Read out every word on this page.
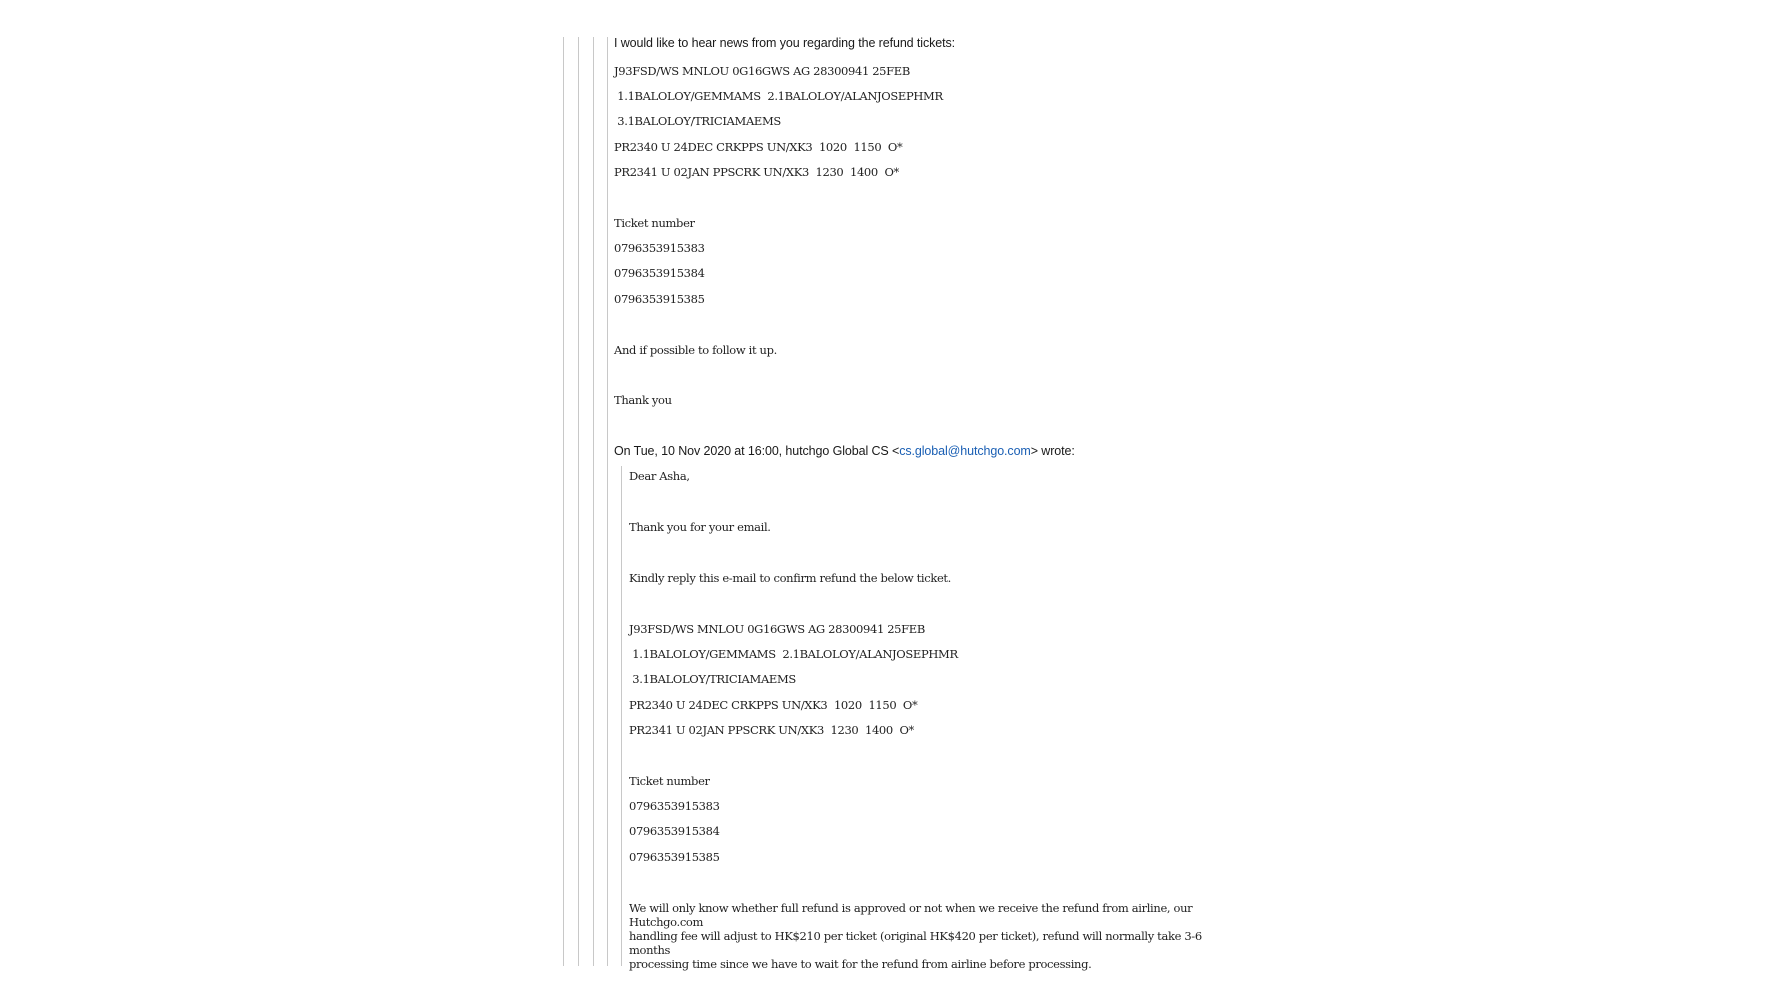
I would like to hear news from you regarding the refund tickets:
J93FSD/WS MNLOU 0G16GWS AG 28300941 25FEB
1.1BALOLOY/GEMMAMS  2.1BALOLOY/ALANJOSEPHMR
3.1BALOLOY/TRICIAMAEMS
PR2340 U 24DEC CRKPPS UN/XK3  1020  1150  O*
PR2341 U 02JAN PPSCRK UN/XK3  1230  1400  O*
Ticket number
0796353915383
0796353915384
0796353915385
And if possible to follow it up.
Thank you
On Tue, 10 Nov 2020 at 16:00, hutchgo Global CS <cs.global@hutchgo.com> wrote:
Dear Asha,
Thank you for your email.
Kindly reply this e-mail to confirm refund the below ticket.
J93FSD/WS MNLOU 0G16GWS AG 28300941 25FEB
1.1BALOLOY/GEMMAMS  2.1BALOLOY/ALANJOSEPHMR
3.1BALOLOY/TRICIAMAEMS
PR2340 U 24DEC CRKPPS UN/XK3  1020  1150  O*
PR2341 U 02JAN PPSCRK UN/XK3  1230  1400  O*
Ticket number
0796353915383
0796353915384
0796353915385
We will only know whether full refund is approved or not when we receive the refund from airline, our Hutchgo.com
handling fee will adjust to HK$210 per ticket (original HK$420 per ticket), refund will normally take 3-6 months
processing time since we have to wait for the refund from airline before processing.
